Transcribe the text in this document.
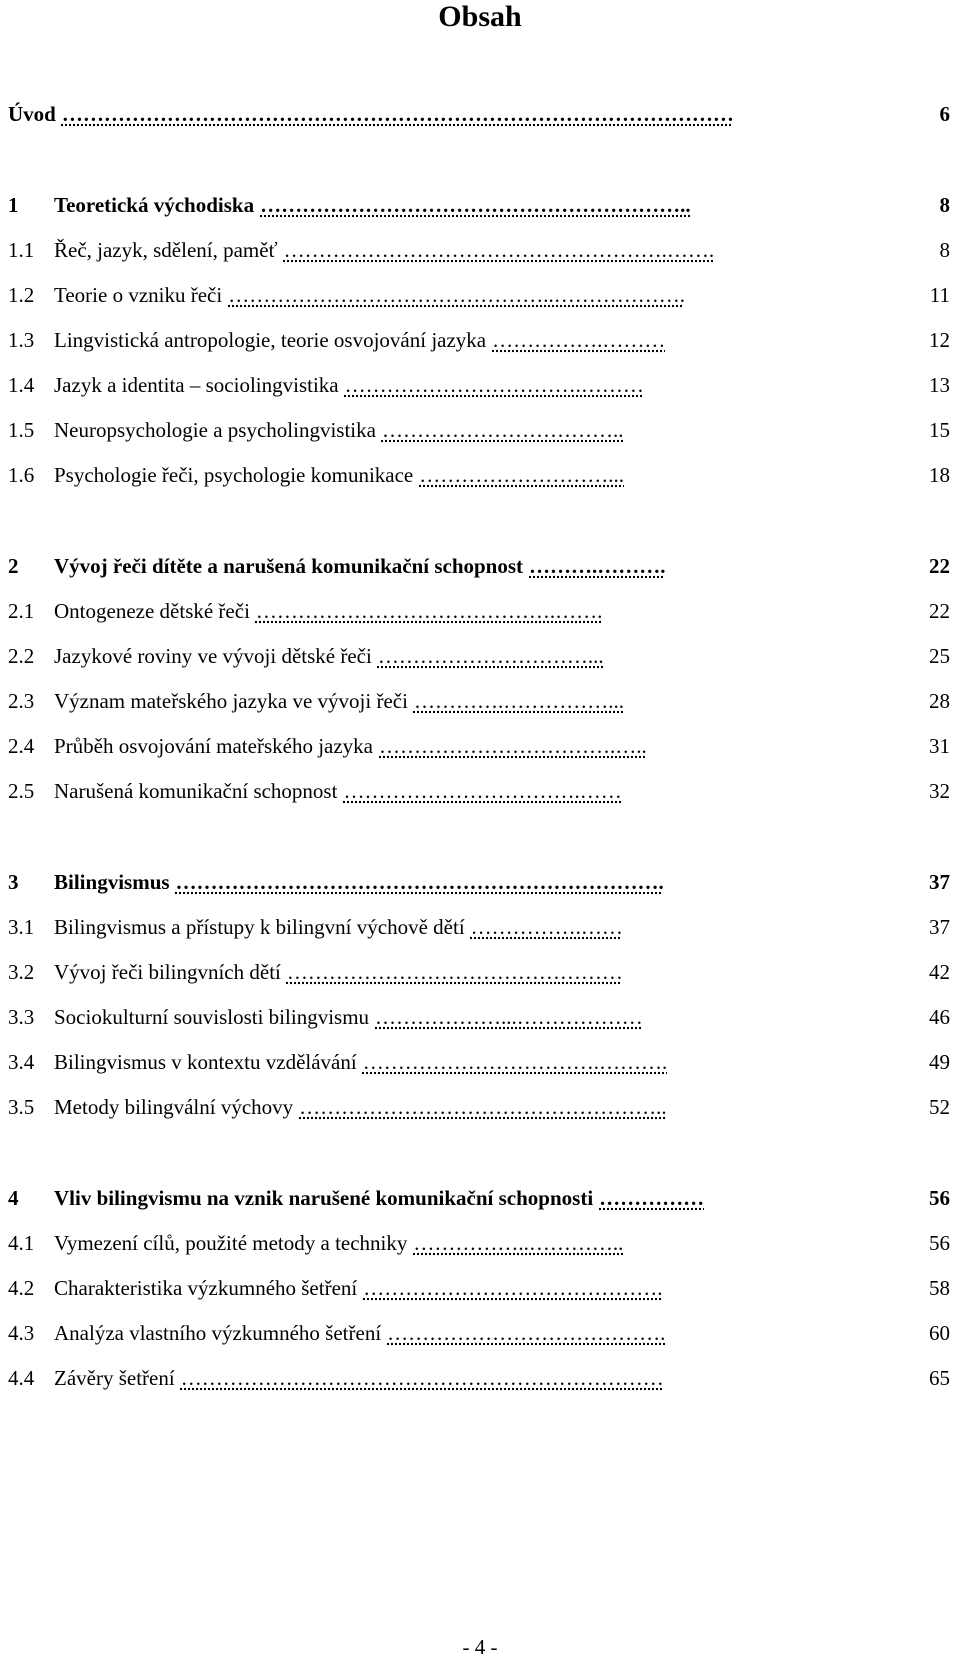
Obsah
Úvod ……………………………………………………………………………………	6
1	Teoretická východiska ……………………………………………………..	8
1.1 Řeč, jazyk, sdělení, paměť ……………………………………………….…….	8
1.2 Teorie o vzniku řeči ………………………………………..……………….	11
1.3 Lingvistická antropologie, teorie osvojování jazyka …………….………	12
1.4 Jazyk a identita – sociolingvistika …………………………….………	13
1.5 Neuropsychologie a psycholingvistika ……………………………..	15
1.6 Psychologie řeči, psychologie komunikace ………………………...	18
2	Vývoj řeči dítěte a narušená komunikační schopnost ……….……….	22
2.1 Ontogeneze dětské řeči …………………………………….…….	22
2.2 Jazykové roviny ve vývoji dětské řeči …………………………...	25
2.3 Význam mateřského jazyka ve vývoji řeči ………….……………...	28
2.4 Průběh osvojování mateřského jazyka …………………………….…..	31
2.5 Narušená komunikační schopnost …………………………….……	32
3	Bilingvismus …………………………………………………………….	37
3.1 Bilingvismus a přístupy k bilingvní výchově dětí …………….……	37
3.2 Vývoj řeči bilingvních dětí …………………………………………	42
3.3 Sociokulturní souvislosti bilingvismu ………………...………………	46
3.4 Bilingvismus v kontextu vzdělávání …………………………….……….	49
3.5 Metody bilingvální výchovy ……………………………………………..	52
4	Vliv bilingvismu na vznik narušené komunikační schopnosti ……………	56
4.1 Vymezení cílů, použité metody a techniky ……………..…………..	56
4.2 Charakteristika výzkumného šetření …………………………………….	58
4.3 Analýza vlastního výzkumného šetření ………………………………….	60
4.4 Závěry šetření ……………………………………………………………	65
- 4 -
